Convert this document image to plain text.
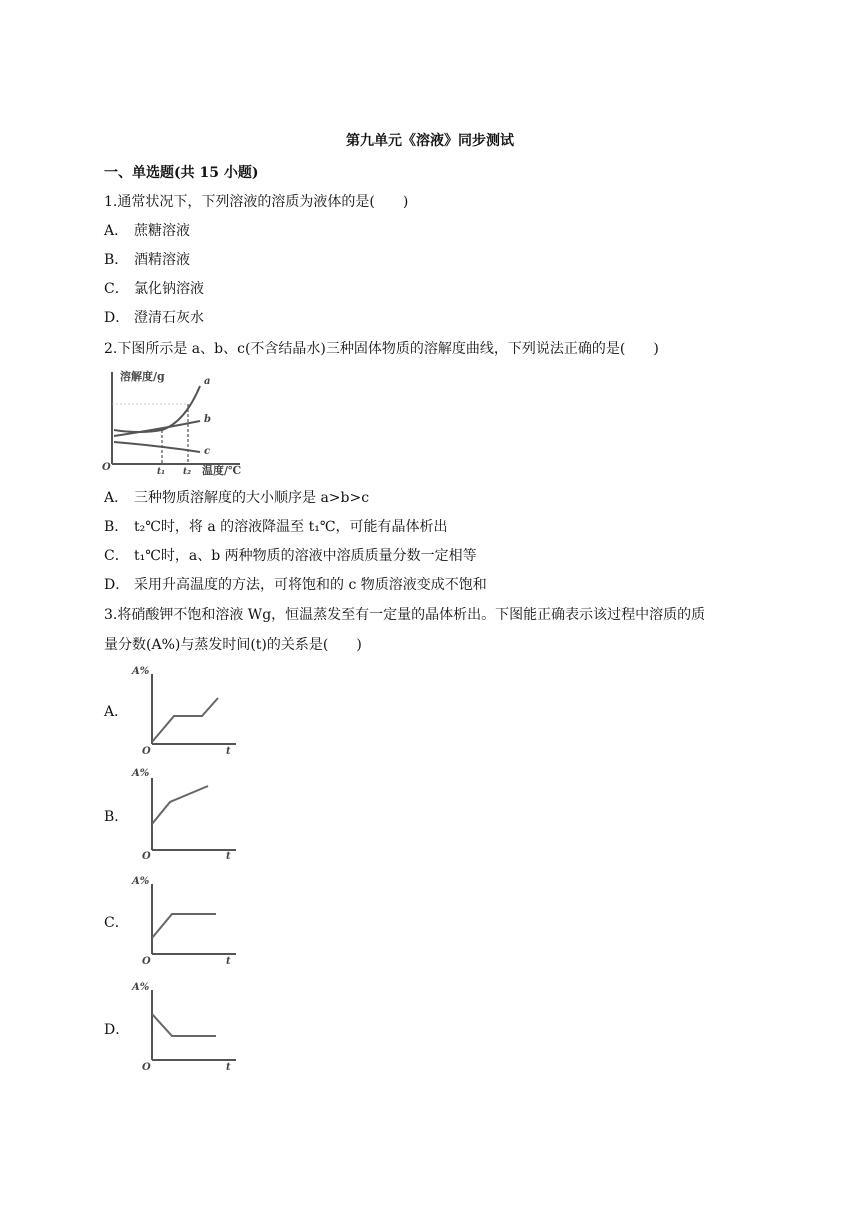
第九单元《溶液》同步测试
一、单选题(共 15 小题)
1.通常状况下，下列溶液的溶质为液体的是(　　)
A． 蔗糖溶液
B． 酒精溶液
C． 氯化钠溶液
D． 澄清石灰水
2.下图所示是 a、b、c(不含结晶水)三种固体物质的溶解度曲线，下列说法正确的是(　　)
溶解度/g
温度/℃
O	t₁ t₂
a
b
c
A． 三种物质溶解度的大小顺序是 a>b>c
B． t₂℃时，将 a 的溶液降温至 t₁℃，可能有晶体析出
C． t₁℃时，a、b 两种物质的溶液中溶质质量分数一定相等
D． 采用升高温度的方法，可将饱和的 c 物质溶液变成不饱和
3.将硝酸钾不饱和溶液 Wg，恒温蒸发至有一定量的晶体析出。下图能正确表示该过程中溶质的质
量分数(A%)与蒸发时间(t)的关系是(　　)
A．
A%
t
O
B．
A%
t
O
C．
A%
t
O
D．
A%
t
O
